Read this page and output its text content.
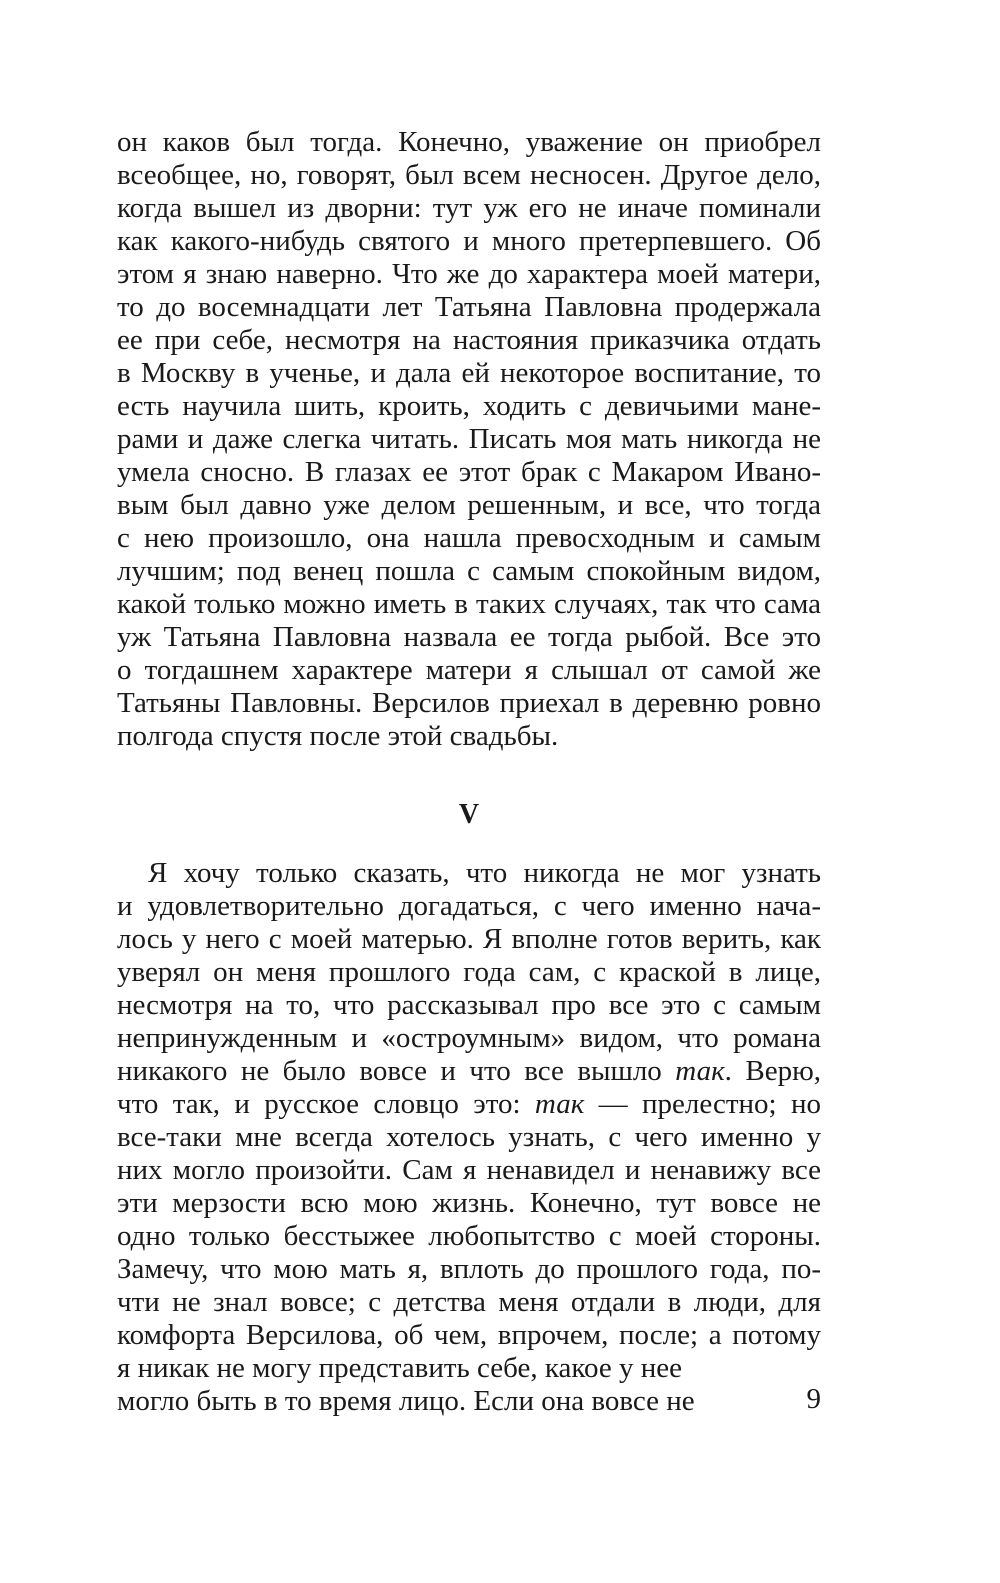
он каков был тогда. Конечно, уважение он приобрел
всеобщее, но, говорят, был всем несносен. Другое дело,
когда вышел из дворни: тут уж его не иначе поминали
как какого-нибудь святого и много претерпевшего. Об
этом я знаю наверно. Что же до характера моей матери,
то до восемнадцати лет Татьяна Павловна продержала
ее при себе, несмотря на настояния приказчика отдать
в Москву в ученье, и дала ей некоторое воспитание, то
есть научила шить, кроить, ходить с девичьими мане-
рами и даже слегка читать. Писать моя мать никогда не
умела сносно. В глазах ее этот брак с Макаром Ивано-
вым был давно уже делом решенным, и все, что тогда
с нею произошло, она нашла превосходным и самым
лучшим; под венец пошла с самым спокойным видом,
какой только можно иметь в таких случаях, так что сама
уж Татьяна Павловна назвала ее тогда рыбой. Все это
о тогдашнем характере матери я слышал от самой же
Татьяны Павловны. Версилов приехал в деревню ровно
полгода спустя после этой свадьбы.
V
Я хочу только сказать, что никогда не мог узнать
и удовлетворительно догадаться, с чего именно нача-
лось у него с моей матерью. Я вполне готов верить, как
уверял он меня прошлого года сам, с краской в лице,
несмотря на то, что рассказывал про все это с самым
непринужденным и «остроумным» видом, что романа
никакого не было вовсе и что все вышло так. Верю,
что так, и русское словцо это: так — прелестно; но
все-таки мне всегда хотелось узнать, с чего именно у
них могло произойти. Сам я ненавидел и ненавижу все
эти мерзости всю мою жизнь. Конечно, тут вовсе не
одно только бесстыжее любопытство с моей стороны.
Замечу, что мою мать я, вплоть до прошлого года, по-
чти не знал вовсе; с детства меня отдали в люди, для
комфорта Версилова, об чем, впрочем, после; а потому
я никак не могу представить себе, какое у нее
могло быть в то время лицо. Если она вовсе не	9
